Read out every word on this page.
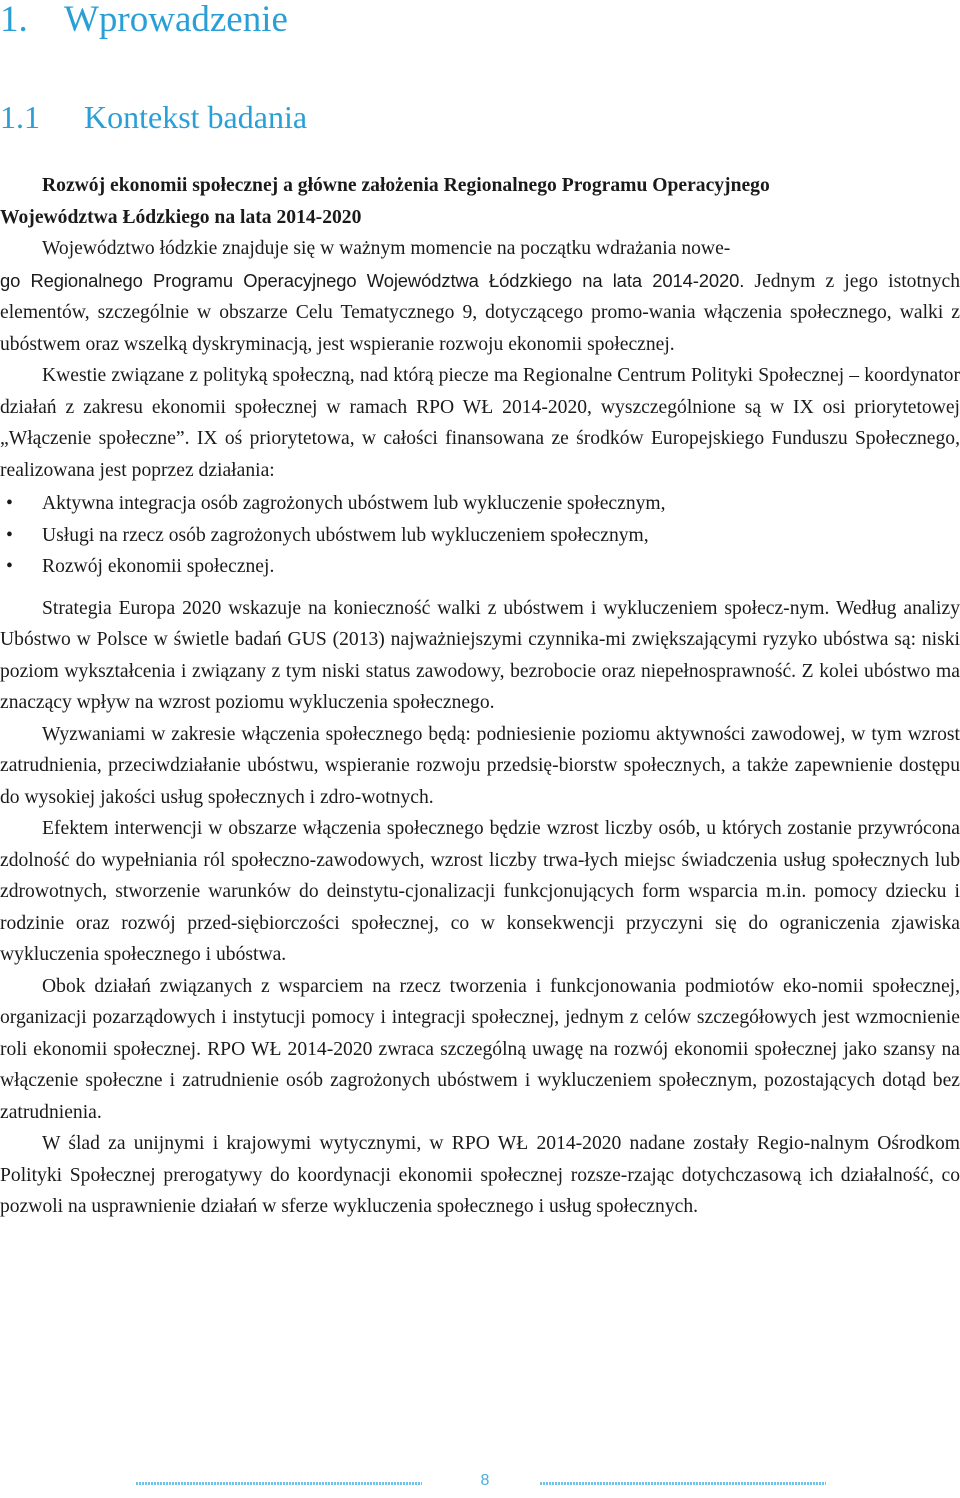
1. Wprowadzenie
1.1 Kontekst badania
Rozwój ekonomii społecznej a główne założenia Regionalnego Programu Operacyjnego
Województwa Łódzkiego na lata 2014-2020

Województwo łódzkie znajduje się w ważnym momencie na początku wdrażania nowe-
go Regionalnego Programu Operacyjnego Województwa Łódzkiego na lata 2014-2020. Jednym z jego istotnych elementów, szczególnie w obszarze Celu Tematycznego 9, dotyczącego promo-wania włączenia społecznego, walki z ubóstwem oraz wszelką dyskryminacją, jest wspieranie rozwoju ekonomii społecznej.

Kwestie związane z polityką społeczną, nad którą piecze ma Regionalne Centrum Polityki Społecznej – koordynator działań z zakresu ekonomii społecznej w ramach RPO WŁ 2014-2020, wyszczególnione są w IX osi priorytetowej „Włączenie społeczne”. IX oś priorytetowa, w całości finansowana ze środków Europejskiego Funduszu Społecznego, realizowana jest poprzez działania:

• Aktywna integracja osób zagrożonych ubóstwem lub wykluczenie społecznym,
• Usługi na rzecz osób zagrożonych ubóstwem lub wykluczeniem społecznym,
• Rozwój ekonomii społecznej.

Strategia Europa 2020 wskazuje na konieczność walki z ubóstwem i wykluczeniem społecz-nym. Według analizy Ubóstwo w Polsce w świetle badań GUS (2013) najważniejszymi czynnika-mi zwiększającymi ryzyko ubóstwa są: niski poziom wykształcenia i związany z tym niski status zawodowy, bezrobocie oraz niepełnosprawność. Z kolei ubóstwo ma znaczący wpływ na wzrost poziomu wykluczenia społecznego.

Wyzwaniami w zakresie włączenia społecznego będą: podniesienie poziomu aktywności zawodowej, w tym wzrost zatrudnienia, przeciwdziałanie ubóstwu, wspieranie rozwoju przedsię-biorstw społecznych, a także zapewnienie dostępu do wysokiej jakości usług społecznych i zdro-wotnych.

Efektem interwencji w obszarze włączenia społecznego będzie wzrost liczby osób, u których zostanie przywrócona zdolność do wypełniania ról społeczno-zawodowych, wzrost liczby trwa-łych miejsc świadczenia usług społecznych lub zdrowotnych, stworzenie warunków do deinstytu-cjonalizacji funkcjonujących form wsparcia m.in. pomocy dziecku i rodzinie oraz rozwój przed-siębiorczości społecznej, co w konsekwencji przyczyni się do ograniczenia zjawiska wykluczenia społecznego i ubóstwa.

Obok działań związanych z wsparciem na rzecz tworzenia i funkcjonowania podmiotów eko-nomii społecznej, organizacji pozarządowych i instytucji pomocy i integracji społecznej, jednym z celów szczegółowych jest wzmocnienie roli ekonomii społecznej. RPO WŁ 2014-2020 zwraca szczególną uwagę na rozwój ekonomii społecznej jako szansy na włączenie społeczne i zatrudnienie osób zagrożonych ubóstwem i wykluczeniem społecznym, pozostających dotąd bez zatrudnienia.

W ślad za unijnymi i krajowymi wytycznymi, w RPO WŁ 2014-2020 nadane zostały Regio-nalnym Ośrodkom Polityki Społecznej prerogatywy do koordynacji ekonomii społecznej rozsze-rzając dotychczasową ich działalność, co pozwoli na usprawnienie działań w sferze wykluczenia społecznego i usług społecznych.

8
